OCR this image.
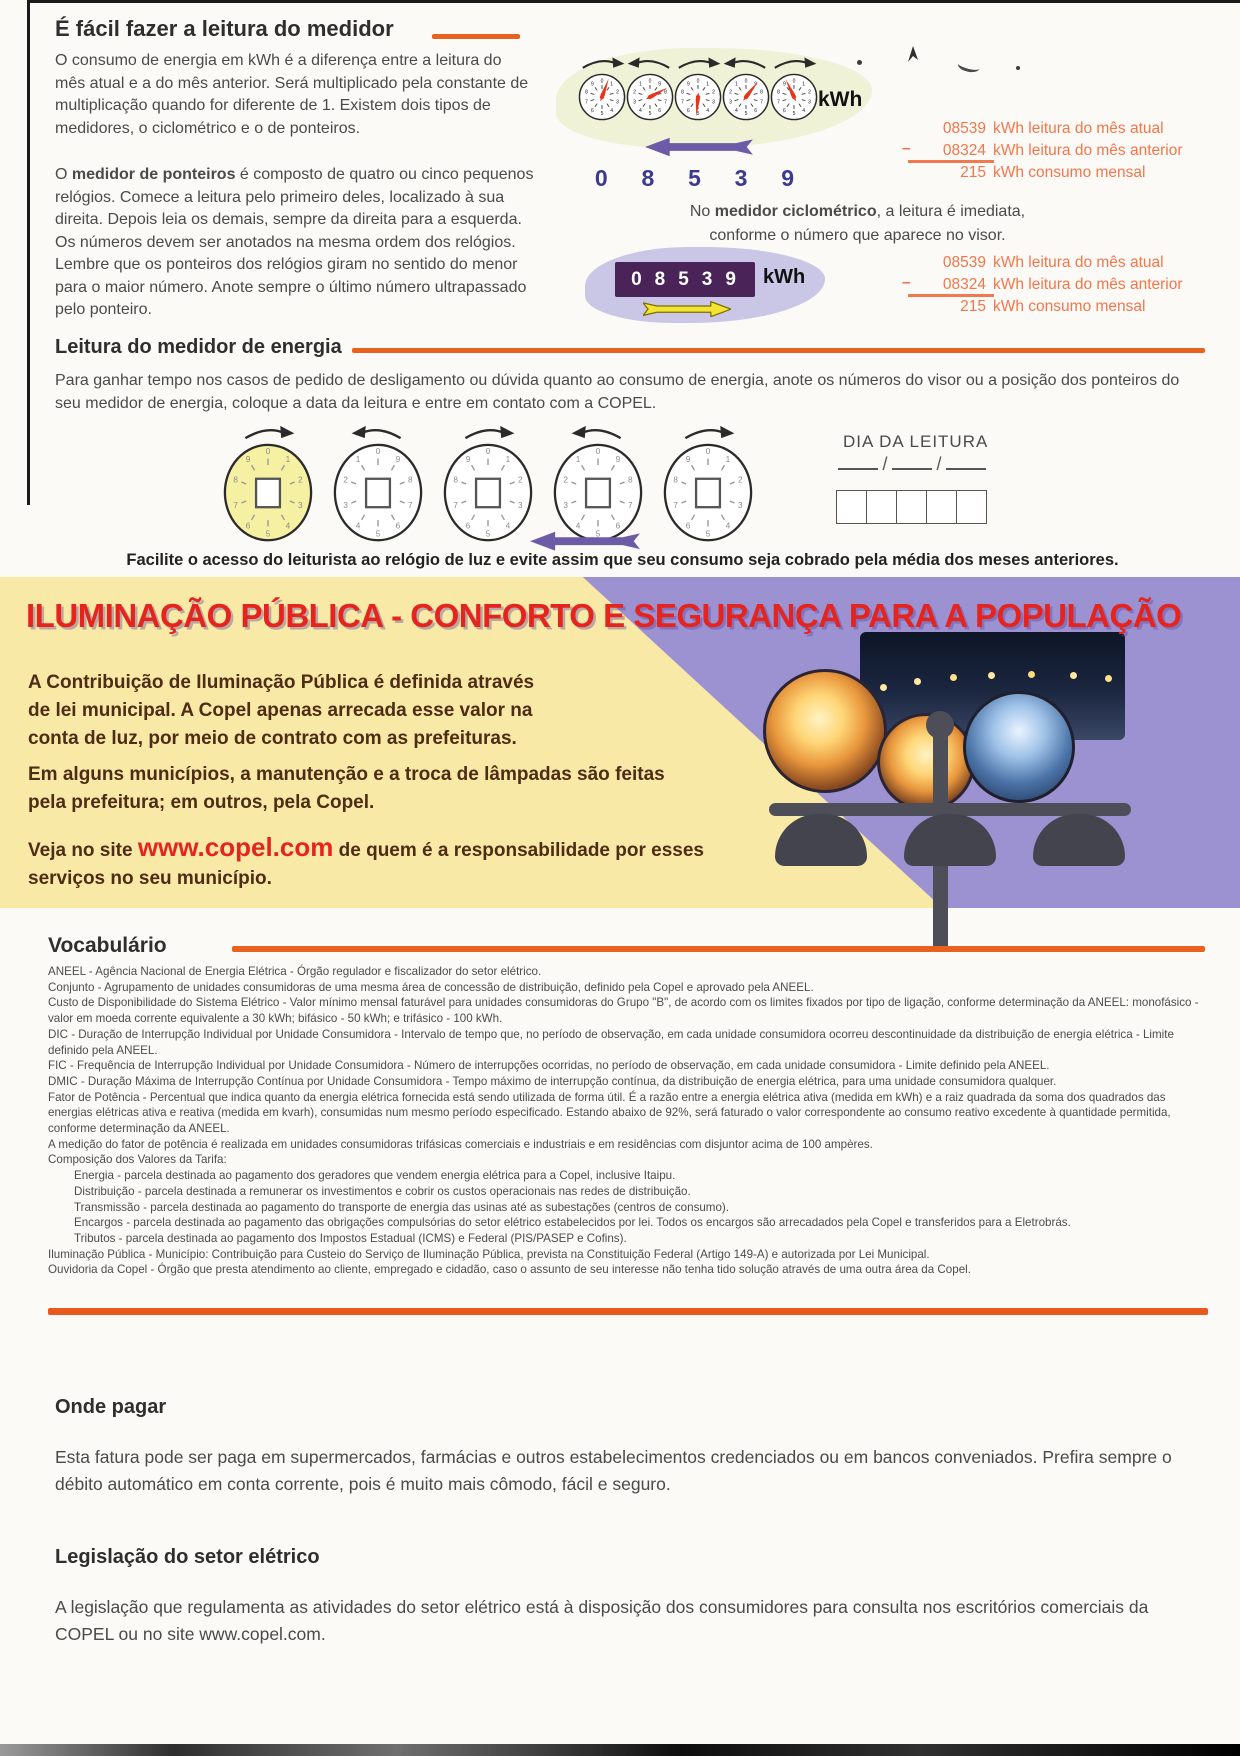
É fácil fazer a leitura do medidor
O consumo de energia em kWh é a diferença entre a leitura do mês atual e a do mês anterior. Será multiplicado pela constante de multiplicação quando for diferente de 1. Existem dois tipos de medidores, o ciclométrico e o de ponteiros.
O medidor de ponteiros é composto de quatro ou cinco pequenos relógios. Comece a leitura pelo primeiro deles, localizado à sua direita. Depois leia os demais, sempre da direita para a esquerda. Os números devem ser anotados na mesma ordem dos relógios. Lembre que os ponteiros dos relógios giram no sentido do menor para o maior número. Anote sempre o último número ultrapassado pelo ponteiro.
0
1
2
3
4
5
6
7
8
9
0
1
2
3
4
5
6
7
8
9
0
1
2
3
4
5
6
7
8
9
0
1
2
3
4
5
6
7
8
0
1
2
3
4
5
6
7
8
9
kWh
0 8 5 3 9
08539 kWh leitura do mês atual
– 08324 kWh leitura do mês anterior
215 kWh consumo mensal
No medidor ciclométrico, a leitura é imediata, conforme o número que aparece no visor.
08539 kWh
08539 kWh leitura do mês atual
– 08324 kWh leitura do mês anterior
215 kWh consumo mensal
Leitura do medidor de energia
Para ganhar tempo nos casos de pedido de desligamento ou dúvida quanto ao consumo de energia, anote os números do visor ou a posição dos ponteiros do seu medidor de energia, coloque a data da leitura e entre em contato com a COPEL.
0
1
2
3
4
5
6
7
8
9
0
1
2
3
4
5
6
7
8
9
0
1
2
3
4
5
6
7
8
9
0
1
2
3
4
5
6
7
8
9
0
1
2
3
4
5
6
7
8
9
DIA DA LEITURA
/	/
Facilite o acesso do leiturista ao relógio de luz e evite assim que seu consumo seja cobrado pela média dos meses anteriores.
ILUMINAÇÃO PÚBLICA - CONFORTO E SEGURANÇA PARA A POPULAÇÃO
A Contribuição de Iluminação Pública é definida através de lei municipal. A Copel apenas arrecada esse valor na conta de luz, por meio de contrato com as prefeituras.
Em alguns municípios, a manutenção e a troca de lâmpadas são feitas pela prefeitura; em outros, pela Copel.
Veja no site www.copel.com de quem é a responsabilidade por esses serviços no seu município.
Vocabulário
ANEEL - Agência Nacional de Energia Elétrica - Órgão regulador e fiscalizador do setor elétrico.
Conjunto - Agrupamento de unidades consumidoras de uma mesma área de concessão de distribuição, definido pela Copel e aprovado pela ANEEL.
Custo de Disponibilidade do Sistema Elétrico - Valor mínimo mensal faturável para unidades consumidoras do Grupo "B", de acordo com os limites fixados por tipo de ligação, conforme determinação da ANEEL: monofásico - valor em moeda corrente equivalente a 30 kWh; bifásico - 50 kWh; e trifásico - 100 kWh.
DIC - Duração de Interrupção Individual por Unidade Consumidora - Intervalo de tempo que, no período de observação, em cada unidade consumidora ocorreu descontinuidade da distribuição de energia elétrica - Limite definido pela ANEEL.
FIC - Frequência de Interrupção Individual por Unidade Consumidora - Número de interrupções ocorridas, no período de observação, em cada unidade consumidora - Limite definido pela ANEEL.
DMIC - Duração Máxima de Interrupção Contínua por Unidade Consumidora - Tempo máximo de interrupção contínua, da distribuição de energia elétrica, para uma unidade consumidora qualquer.
Fator de Potência - Percentual que indica quanto da energia elétrica fornecida está sendo utilizada de forma útil. É a razão entre a energia elétrica ativa (medida em kWh) e a raiz quadrada da soma dos quadrados das energias elétricas ativa e reativa (medida em kvarh), consumidas num mesmo período especificado. Estando abaixo de 92%, será faturado o valor correspondente ao consumo reativo excedente à quantidade permitida, conforme determinação da ANEEL.
A medição do fator de potência é realizada em unidades consumidoras trifásicas comerciais e industriais e em residências com disjuntor acima de 100 ampères.
Composição dos Valores da Tarifa:
Energia - parcela destinada ao pagamento dos geradores que vendem energia elétrica para a Copel, inclusive Itaipu.
Distribuição - parcela destinada a remunerar os investimentos e cobrir os custos operacionais nas redes de distribuição.
Transmissão - parcela destinada ao pagamento do transporte de energia das usinas até as subestações (centros de consumo).
Encargos - parcela destinada ao pagamento das obrigações compulsórias do setor elétrico estabelecidos por lei. Todos os encargos são arrecadados pela Copel e transferidos para a Eletrobrás.
Tributos - parcela destinada ao pagamento dos Impostos Estadual (ICMS) e Federal (PIS/PASEP e Cofins).
Iluminação Pública - Município: Contribuição para Custeio do Serviço de Iluminação Pública, prevista na Constituição Federal (Artigo 149-A) e autorizada por Lei Municipal.
Ouvidoria da Copel - Órgão que presta atendimento ao cliente, empregado e cidadão, caso o assunto de seu interesse não tenha tido solução através de uma outra área da Copel.
Onde pagar
Esta fatura pode ser paga em supermercados, farmácias e outros estabelecimentos credenciados ou em bancos conveniados. Prefira sempre o débito automático em conta corrente, pois é muito mais cômodo, fácil e seguro.
Legislação do setor elétrico
A legislação que regulamenta as atividades do setor elétrico está à disposição dos consumidores para consulta nos escritórios comerciais da COPEL ou no site www.copel.com.
